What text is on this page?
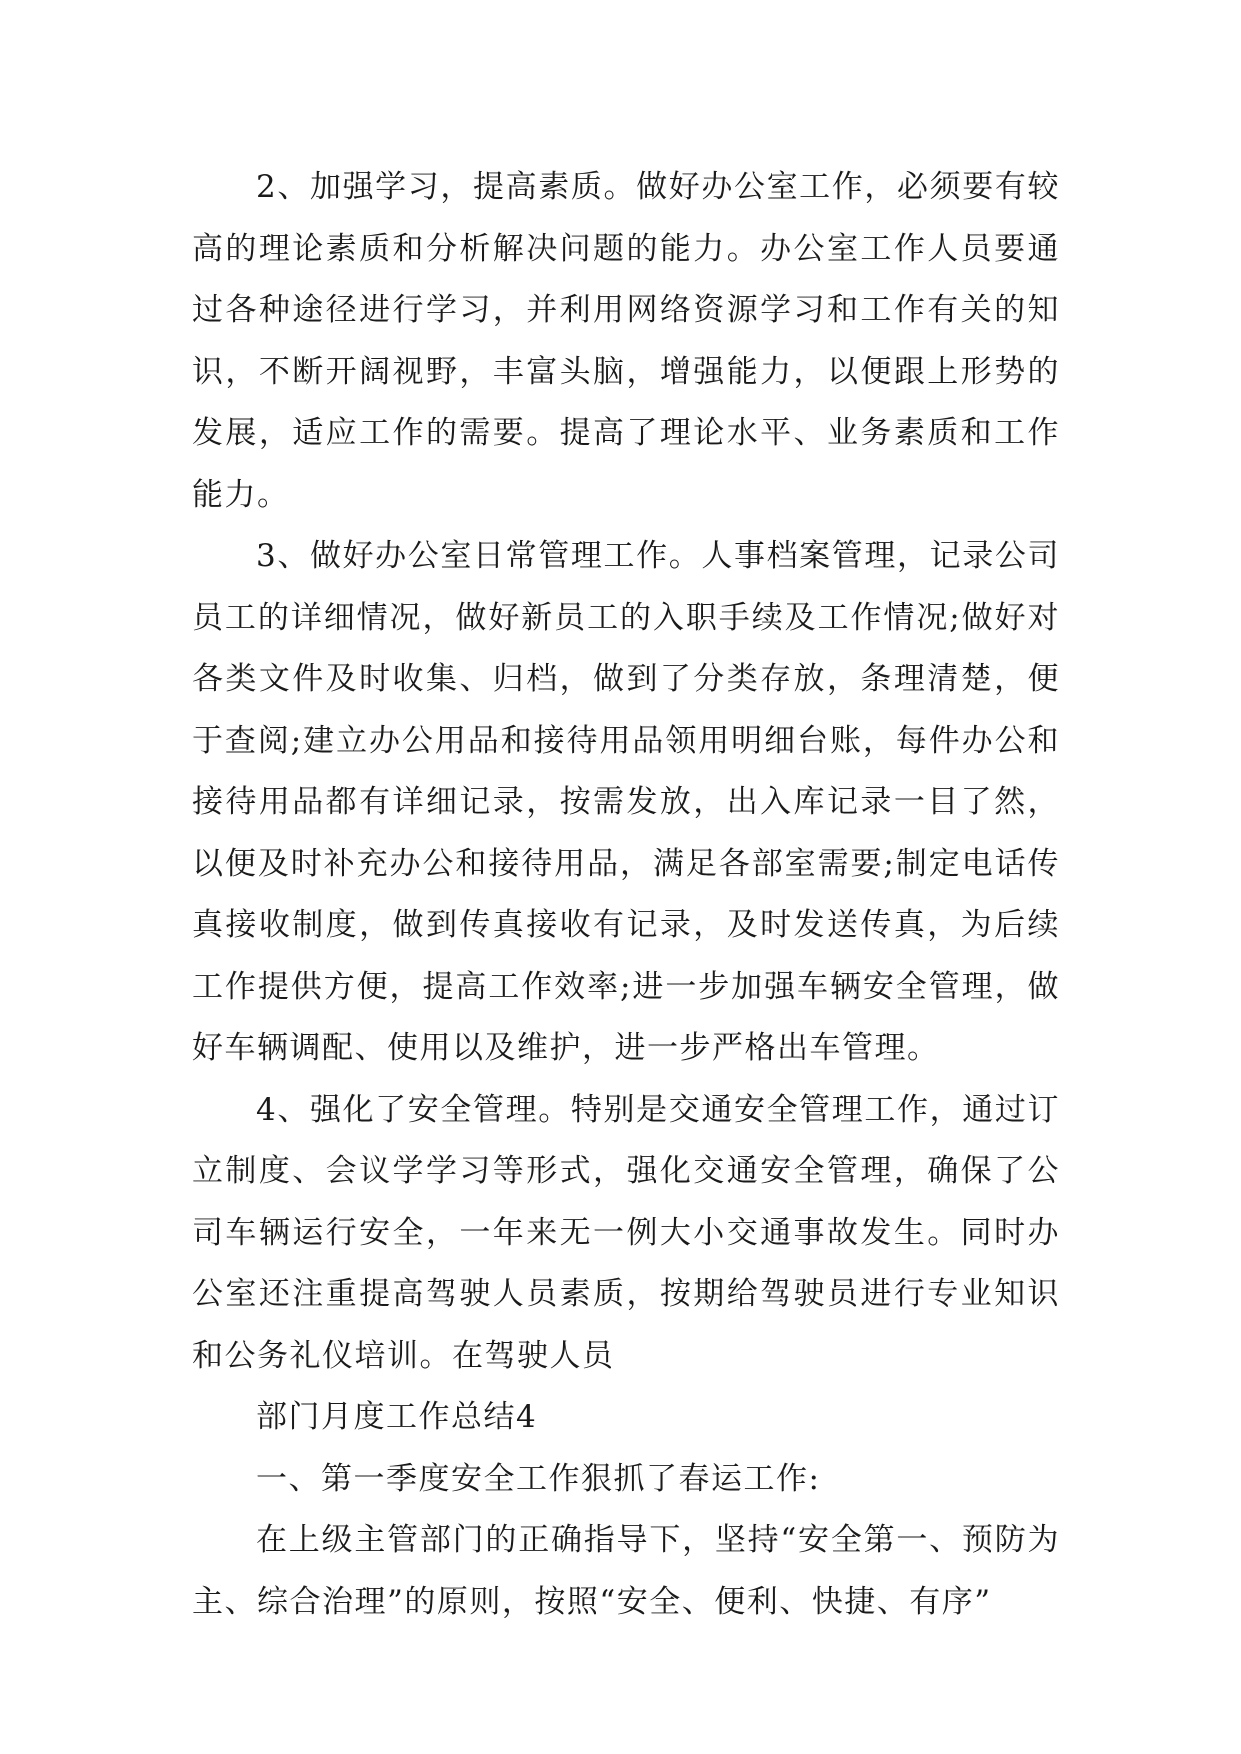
2、加强学习，提高素质。做好办公室工作，必须要有较高的理论素质和分析解决问题的能力。办公室工作人员要通过各种途径进行学习，并利用网络资源学习和工作有关的知识，不断开阔视野，丰富头脑，增强能力，以便跟上形势的发展，适应工作的需要。提高了理论水平、业务素质和工作能力。

3、做好办公室日常管理工作。人事档案管理，记录公司员工的详细情况，做好新员工的入职手续及工作情况;做好对各类文件及时收集、归档，做到了分类存放，条理清楚，便于查阅;建立办公用品和接待用品领用明细台账，每件办公和接待用品都有详细记录，按需发放，出入库记录一目了然，以便及时补充办公和接待用品，满足各部室需要;制定电话传真接收制度，做到传真接收有记录，及时发送传真，为后续工作提供方便，提高工作效率;进一步加强车辆安全管理，做好车辆调配、使用以及维护，进一步严格出车管理。

4、强化了安全管理。特别是交通安全管理工作，通过订立制度、会议学学习等形式，强化交通安全管理，确保了公司车辆运行安全，一年来无一例大小交通事故发生。同时办公室还注重提高驾驶人员素质，按期给驾驶员进行专业知识和公务礼仪培训。在驾驶人员

部门月度工作总结4

一、第一季度安全工作狠抓了春运工作:

在上级主管部门的正确指导下，坚持“安全第一、预防为主、综合治理”的原则，按照“安全、便利、快捷、有序”
